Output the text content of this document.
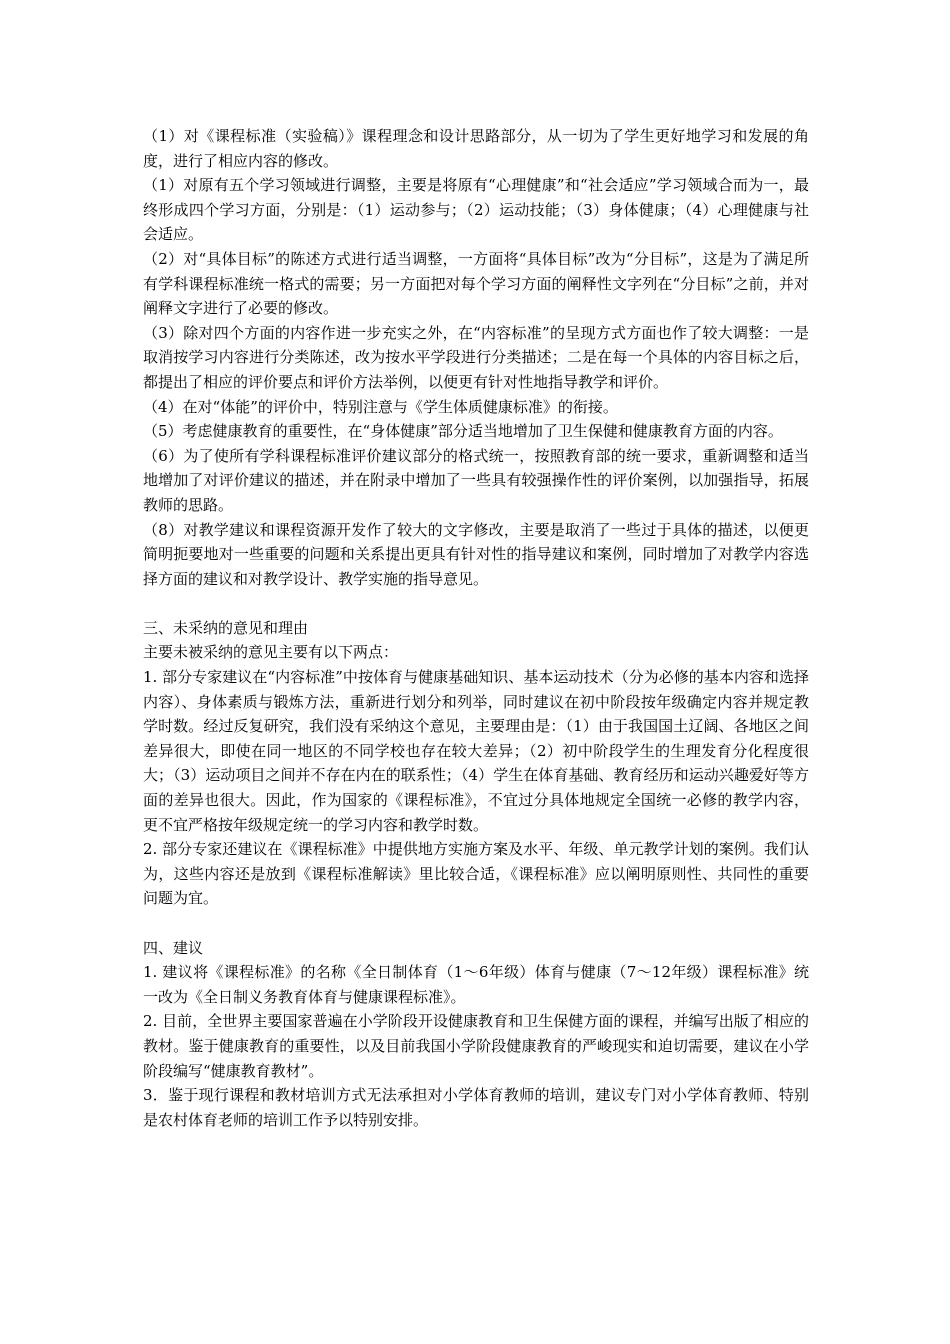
（1）对《课程标准（实验稿）》课程理念和设计思路部分，从一切为了学生更好地学习和发展的角度，进行了相应内容的修改。

（1）对原有五个学习领域进行调整，主要是将原有“心理健康”和“社会适应”学习领域合而为一，最终形成四个学习方面，分别是：（1）运动参与；（2）运动技能；（3）身体健康；（4）心理健康与社会适应。

（2）对“具体目标”的陈述方式进行适当调整，一方面将“具体目标”改为“分目标”，这是为了满足所有学科课程标准统一格式的需要；另一方面把对每个学习方面的阐释性文字列在“分目标”之前，并对阐释文字进行了必要的修改。

（3）除对四个方面的内容作进一步充实之外，在“内容标准”的呈现方式方面也作了较大调整：一是取消按学习内容进行分类陈述，改为按水平学段进行分类描述；二是在每一个具体的内容目标之后，都提出了相应的评价要点和评价方法举例，以便更有针对性地指导教学和评价。

（4）在对“体能”的评价中，特别注意与《学生体质健康标准》的衔接。

（5）考虑健康教育的重要性，在“身体健康”部分适当地增加了卫生保健和健康教育方面的内容。

（6）为了使所有学科课程标准评价建议部分的格式统一，按照教育部的统一要求，重新调整和适当地增加了对评价建议的描述，并在附录中增加了一些具有较强操作性的评价案例，以加强指导，拓展教师的思路。

（8）对教学建议和课程资源开发作了较大的文字修改，主要是取消了一些过于具体的描述，以便更简明扼要地对一些重要的问题和关系提出更具有针对性的指导建议和案例，同时增加了对教学内容选择方面的建议和对教学设计、教学实施的指导意见。

三、未采纳的意见和理由

主要未被采纳的意见主要有以下两点：

1. 部分专家建议在“内容标准”中按体育与健康基础知识、基本运动技术（分为必修的基本内容和选择内容）、身体素质与锻炼方法，重新进行划分和列举，同时建议在初中阶段按年级确定内容并规定教学时数。经过反复研究，我们没有采纳这个意见，主要理由是：（1）由于我国国土辽阔、各地区之间差异很大，即使在同一地区的不同学校也存在较大差异；（2）初中阶段学生的生理发育分化程度很大；（3）运动项目之间并不存在内在的联系性；（4）学生在体育基础、教育经历和运动兴趣爱好等方面的差异也很大。因此，作为国家的《课程标准》，不宜过分具体地规定全国统一必修的教学内容，更不宜严格按年级规定统一的学习内容和教学时数。

2. 部分专家还建议在《课程标准》中提供地方实施方案及水平、年级、单元教学计划的案例。我们认为，这些内容还是放到《课程标准解读》里比较合适，《课程标准》应以阐明原则性、共同性的重要问题为宜。

四、建议

1. 建议将《课程标准》的名称《全日制体育（1～6年级）体育与健康（7～12年级）课程标准》统一改为《全日制义务教育体育与健康课程标准》。

2. 目前，全世界主要国家普遍在小学阶段开设健康教育和卫生保健方面的课程，并编写出版了相应的教材。鉴于健康教育的重要性，以及目前我国小学阶段健康教育的严峻现实和迫切需要，建议在小学阶段编写“健康教育教材”。

3．鉴于现行课程和教材培训方式无法承担对小学体育教师的培训，建议专门对小学体育教师、特别是农村体育老师的培训工作予以特别安排。
